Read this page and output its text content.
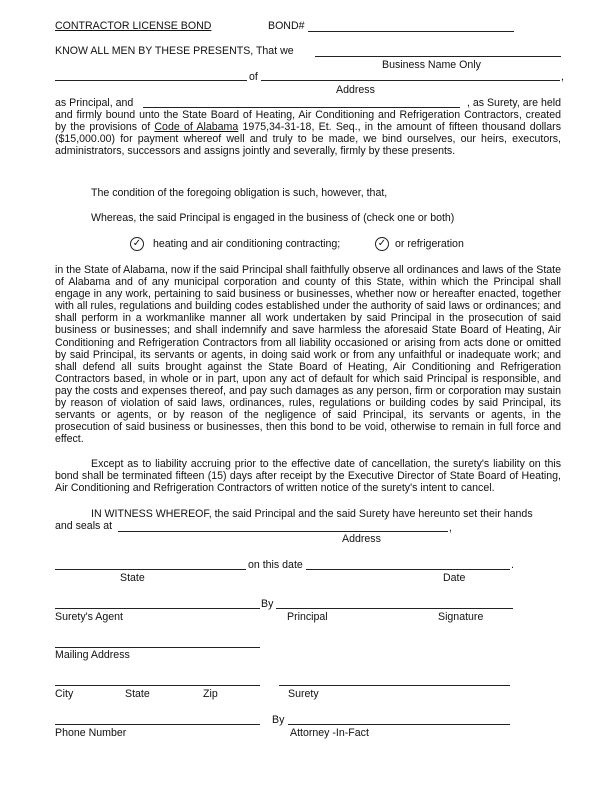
CONTRACTOR LICENSE BOND	BOND#
KNOW ALL MEN BY THESE PRESENTS, That we
Business Name Only
of	,
Address
as Principal, and	, as Surety, are held
and firmly bound unto the State Board of Heating, Air Conditioning and Refrigeration Contractors, created by the provisions of Code of Alabama 1975,34-31-18, Et. Seq., in the amount of fifteen thousand dollars ($15,000.00) for payment whereof well and truly to be made, we bind ourselves, our heirs, executors, administrators, successors and assigns jointly and severally, firmly by these presents.
The condition of the foregoing obligation is such, however, that,
Whereas, the said Principal is engaged in the business of (check one or both)
✓ heating and air conditioning contracting;	✓ or refrigeration
in the State of Alabama, now if the said Principal shall faithfully observe all ordinances and laws of the State of Alabama and of any municipal corporation and county of this State, within which the Principal shall engage in any work, pertaining to said business or businesses, whether now or hereafter enacted, together with all rules, regulations and building codes established under the authority of said laws or ordinances; and shall perform in a workmanlike manner all work undertaken by said Principal in the prosecution of said business or businesses; and shall indemnify and save harmless the aforesaid State Board of Heating, Air Conditioning and Refrigeration Contractors from all liability occasioned or arising from acts done or omitted by said Principal, its servants or agents, in doing said work or from any unfaithful or inadequate work; and shall defend all suits brought against the State Board of Heating, Air Conditioning and Refrigeration Contractors based, in whole or in part, upon any act of default for which said Principal is responsible, and pay the costs and expenses thereof, and pay such damages as any person, firm or corporation may sustain by reason of violation of said laws, ordinances, rules, regulations or building codes by said Principal, its servants or agents, or by reason of the negligence of said Principal, its servants or agents, in the prosecution of said business or businesses, then this bond to be void, otherwise to remain in full force and effect.
Except as to liability accruing prior to the effective date of cancellation, the surety's liability on this bond shall be terminated fifteen (15) days after receipt by the Executive Director of State Board of Heating, Air Conditioning and Refrigeration Contractors of written notice of the surety's intent to cancel.
IN WITNESS WHEREOF, the said Principal and the said Surety have hereunto set their hands
and seals at	,
Address
on this date	.
State	Date
By
Surety's Agent	Principal	Signature
Mailing Address
City	State	Zip	Surety
By
Phone Number	Attorney -In-Fact
